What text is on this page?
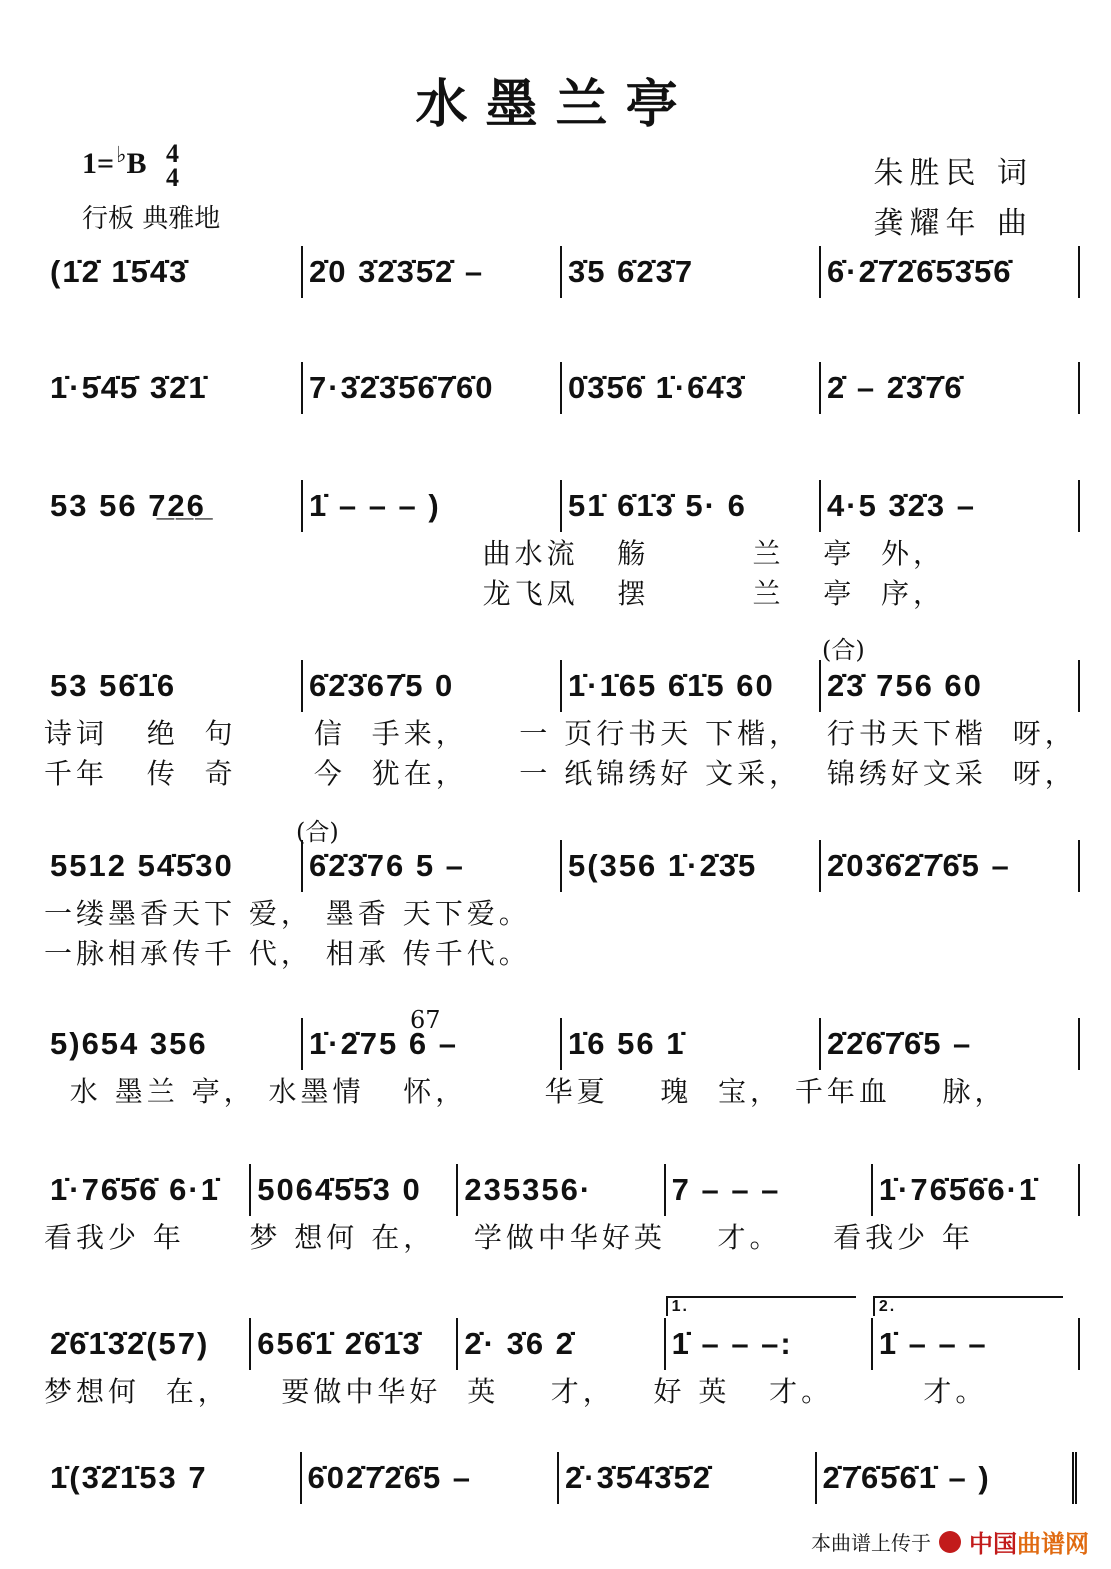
水墨兰亭
1=♭B 4
4
行板 典雅地
朱胜民 词
龚耀年 曲
(1̇2̇ 1̇5̇4̇3̇	2̇0 3̇2̇3̇5̇2̇ –	3̇5 6̇2̇3̇7	6̇·2̇7̇2̇6̇5̇3̇5̇6̇
1̇·5̇4̇5̇ 3̇2̇1̇	7·3̇2̇3̇5̇6̇7̇6̇0	0̇3̇5̇6̇ 1̇·6̇4̇3̇	2̇ – 2̇3̇7̇6̇
53 56 7̲2̲6̲	1̇ – – – )	51̇ 6̇1̇3̇ 5· 6	4·5 3̇2̇3 –
曲水流   觞        兰   亭  外，
龙飞凤   摆        兰   亭  序，
53 56̇1̇6	6̇2̇3̇67̇5 0	1̇·1̇65 6̇1̇5 60	2̇3̇ 756 60
诗词   绝  句      信  手来，    一 页行书天 下楷，  行书天下楷  呀，
千年   传  奇      今  犹在，    一 纸锦绣好 文采，  锦绣好文采  呀，
5512 54̇5̇30	6̇2̇3̇76 5 –	5(356 1̇·2̇3̇5	2̇03̇6̇2̇7̇6̇5 –
一缕墨香天下 爱， 墨香 天下爱。
一脉相承传千 代， 相承 传千代。
5)654 356	1̇·2̇75 6 –	1̇6 56 1̇	2̇2̇6̇7̇6̇5 –
水 墨兰 亭， 水墨情   怀，      华夏    瑰  宝， 千年血    脉，
1̇·76̇5̇6̇ 6·1̇	5064̇5̇5̇3 0	235356·	7 – – –	1̇·76̇5̇6̇6·1̇
看我少 年     梦 想何 在，   学做中华好英    才。    看我少 年
2̇6̇1̇3̇2̇(57)	656̇1̇ 2̇6̇1̇3̇	2̇· 3̇6 2̇	1̇ – – –:
1.
1̇ – – –
2.
梦想何  在，    要做中华好  英    才，   好 英   才。       才。
1̇(3̇2̇1̇53 7	6̇02̇7̇2̇6̇5 –	2̇·3̇5̇4̇3̇5̇2̇	2̇7̇6̇5̇6̇1̇ – )
(合)
(合)
67
本曲谱上传于 中国曲谱网
